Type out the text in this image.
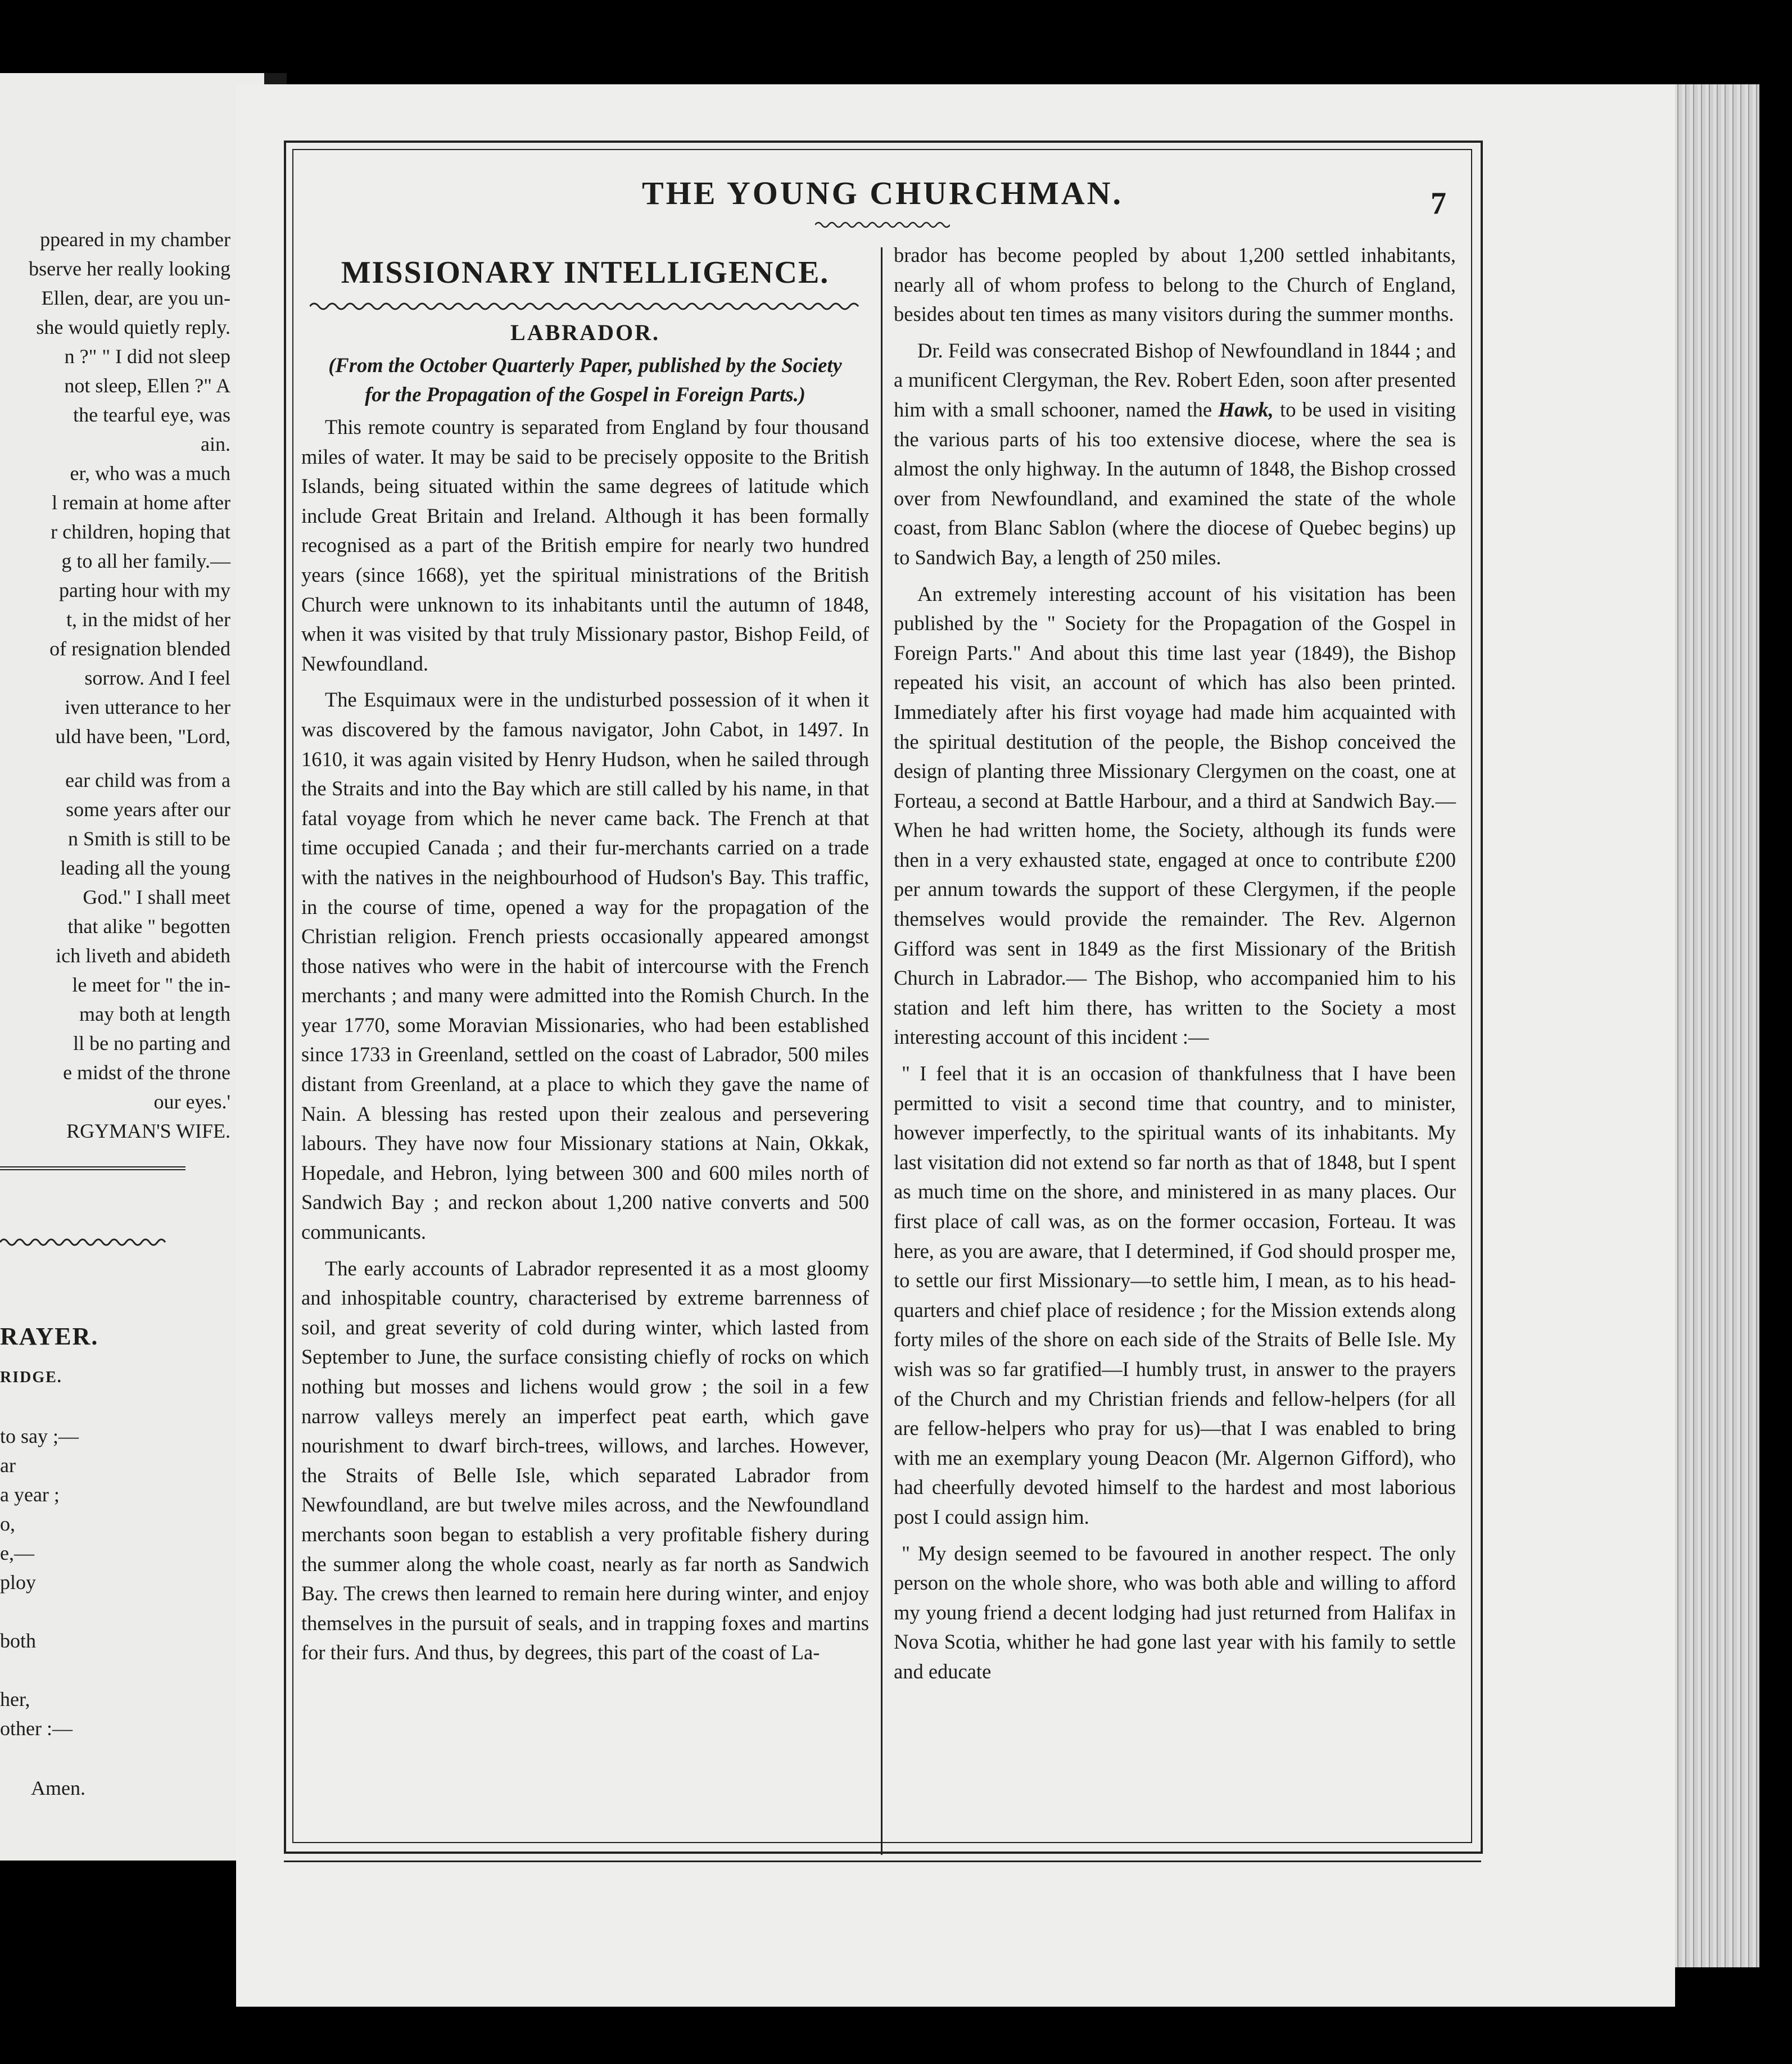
ppeared in my chamber
bserve her really looking
Ellen, dear, are you un-
she would quietly reply.
n ?" " I did not sleep
not sleep, Ellen ?" A
the tearful eye, was
ain.
er, who was a much
l remain at home after
r children, hoping that
g to all her family.—
parting hour with my
t, in the midst of her
of resignation blended
sorrow. And I feel
iven utterance to her
uld have been, "Lord,
ear child was from a
some years after our
n Smith is still to be
leading all the young
God." I shall meet
that alike " begotten
ich liveth and abideth
le meet for " the in-
may both at length
ll be no parting and
e midst of the throne
our eyes.'
RGYMAN'S WIFE.
RAYER.
RIDGE.
to say ;—
ar
a year ;
o,
e,—
ploy
both
her,
other :—
Amen.
THE YOUNG CHURCHMAN.	7
MISSIONARY INTELLIGENCE.
LABRADOR.
(From the October Quarterly Paper, published by the Society for the Propagation of the Gospel in Foreign Parts.)

This remote country is separated from England by four thousand miles of water. It may be said to be precisely opposite to the British Islands, being situated within the same degrees of latitude which include Great Britain and Ireland. Although it has been formally recognised as a part of the British empire for nearly two hundred years (since 1668), yet the spiritual ministrations of the British Church were unknown to its inhabitants until the autumn of 1848, when it was visited by that truly Missionary pastor, Bishop Feild, of Newfoundland.

The Esquimaux were in the undisturbed possession of it when it was discovered by the famous navigator, John Cabot, in 1497. In 1610, it was again visited by Henry Hudson, when he sailed through the Straits and into the Bay which are still called by his name, in that fatal voyage from which he never came back. The French at that time occupied Canada ; and their fur-merchants carried on a trade with the natives in the neighbourhood of Hudson's Bay. This traffic, in the course of time, opened a way for the propagation of the Christian religion. French priests occasionally appeared amongst those natives who were in the habit of intercourse with the French merchants ; and many were admitted into the Romish Church. In the year 1770, some Moravian Missionaries, who had been established since 1733 in Greenland, settled on the coast of Labrador, 500 miles distant from Greenland, at a place to which they gave the name of Nain. A blessing has rested upon their zealous and persevering labours. They have now four Missionary stations at Nain, Okkak, Hopedale, and Hebron, lying between 300 and 600 miles north of Sandwich Bay ; and reckon about 1,200 native converts and 500 communicants.

The early accounts of Labrador represented it as a most gloomy and inhospitable country, characterised by extreme barrenness of soil, and great severity of cold during winter, which lasted from September to June, the surface consisting chiefly of rocks on which nothing but mosses and lichens would grow ; the soil in a few narrow valleys merely an imperfect peat earth, which gave nourishment to dwarf birch-trees, willows, and larches. However, the Straits of Belle Isle, which separated Labrador from Newfoundland, are but twelve miles across, and the Newfoundland merchants soon began to establish a very profitable fishery during the summer along the whole coast, nearly as far north as Sandwich Bay. The crews then learned to remain here during winter, and enjoy themselves in the pursuit of seals, and in trapping foxes and martins for their furs. And thus, by degrees, this part of the coast of La-

brador has become peopled by about 1,200 settled inhabitants, nearly all of whom profess to belong to the Church of England, besides about ten times as many visitors during the summer months.

Dr. Feild was consecrated Bishop of Newfoundland in 1844 ; and a munificent Clergyman, the Rev. Robert Eden, soon after presented him with a small schooner, named the Hawk, to be used in visiting the various parts of his too extensive diocese, where the sea is almost the only highway. In the autumn of 1848, the Bishop crossed over from Newfoundland, and examined the state of the whole coast, from Blanc Sablon (where the diocese of Quebec begins) up to Sandwich Bay, a length of 250 miles.

An extremely interesting account of his visitation has been published by the " Society for the Propagation of the Gospel in Foreign Parts." And about this time last year (1849), the Bishop repeated his visit, an account of which has also been printed. Immediately after his first voyage had made him acquainted with the spiritual destitution of the people, the Bishop conceived the design of planting three Missionary Clergymen on the coast, one at Forteau, a second at Battle Harbour, and a third at Sandwich Bay.— When he had written home, the Society, although its funds were then in a very exhausted state, engaged at once to contribute £200 per annum towards the support of these Clergymen, if the people themselves would provide the remainder. The Rev. Algernon Gifford was sent in 1849 as the first Missionary of the British Church in Labrador.— The Bishop, who accompanied him to his station and left him there, has written to the Society a most interesting account of this incident :—

" I feel that it is an occasion of thankfulness that I have been permitted to visit a second time that country, and to minister, however imperfectly, to the spiritual wants of its inhabitants. My last visitation did not extend so far north as that of 1848, but I spent as much time on the shore, and ministered in as many places. Our first place of call was, as on the former occasion, Forteau. It was here, as you are aware, that I determined, if God should prosper me, to settle our first Missionary—to settle him, I mean, as to his head-quarters and chief place of residence ; for the Mission extends along forty miles of the shore on each side of the Straits of Belle Isle. My wish was so far gratified—I humbly trust, in answer to the prayers of the Church and my Christian friends and fellow-helpers (for all are fellow-helpers who pray for us)—that I was enabled to bring with me an exemplary young Deacon (Mr. Algernon Gifford), who had cheerfully devoted himself to the hardest and most laborious post I could assign him.

" My design seemed to be favoured in another respect. The only person on the whole shore, who was both able and willing to afford my young friend a decent lodging had just returned from Halifax in Nova Scotia, whither he had gone last year with his family to settle and educate
